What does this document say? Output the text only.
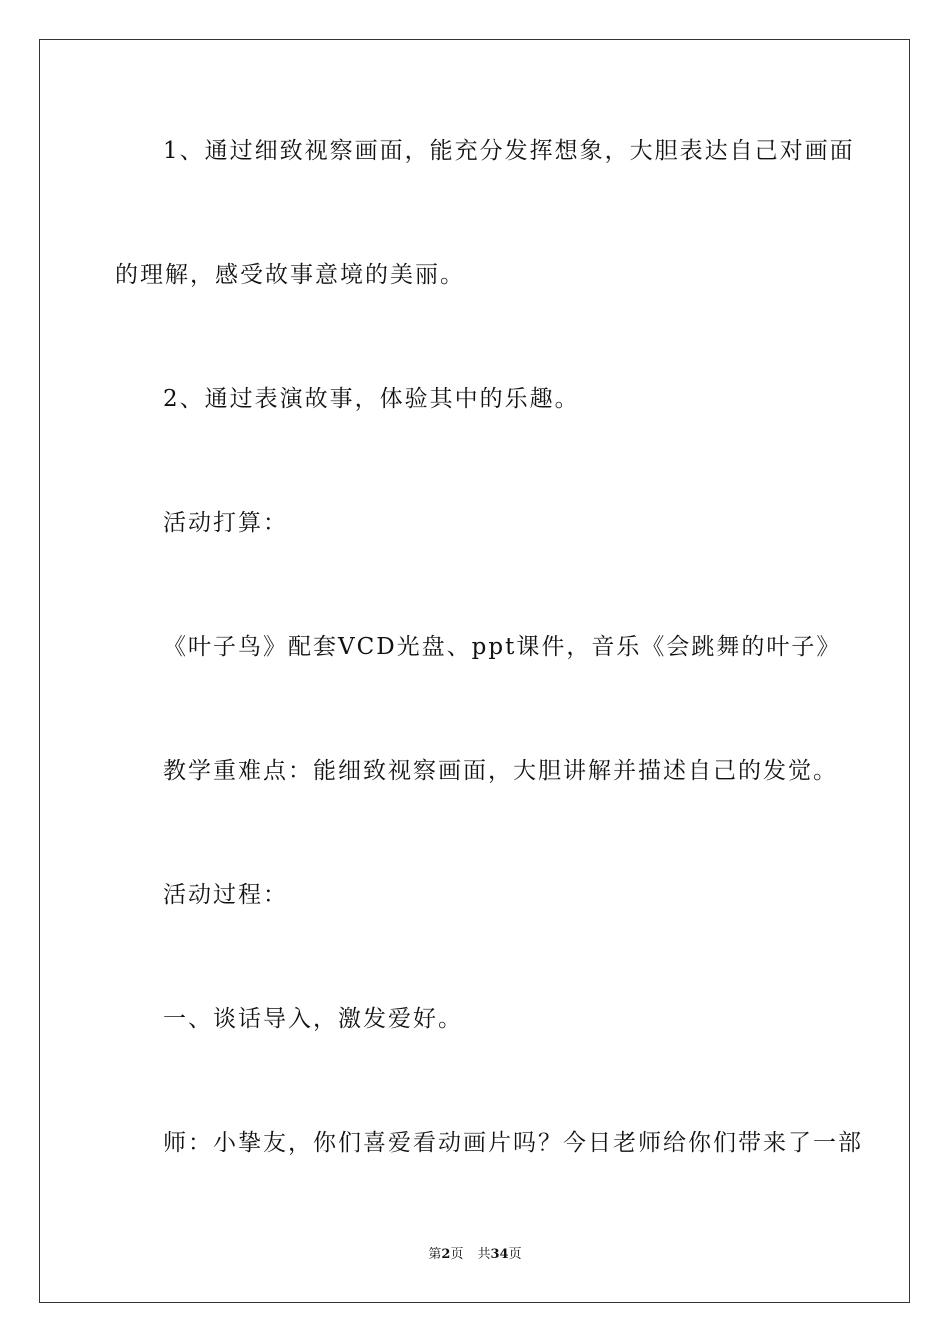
1、通过细致视察画面，能充分发挥想象，大胆表达自己对画面
的理解，感受故事意境的美丽。
2、通过表演故事，体验其中的乐趣。
活动打算：
《叶子鸟》配套VCD光盘、ppt课件，音乐《会跳舞的叶子》
教学重难点：能细致视察画面，大胆讲解并描述自己的发觉。
活动过程：
一、谈话导入，激发爱好。
师：小挚友，你们喜爱看动画片吗？今日老师给你们带来了一部
第2页 共34页
